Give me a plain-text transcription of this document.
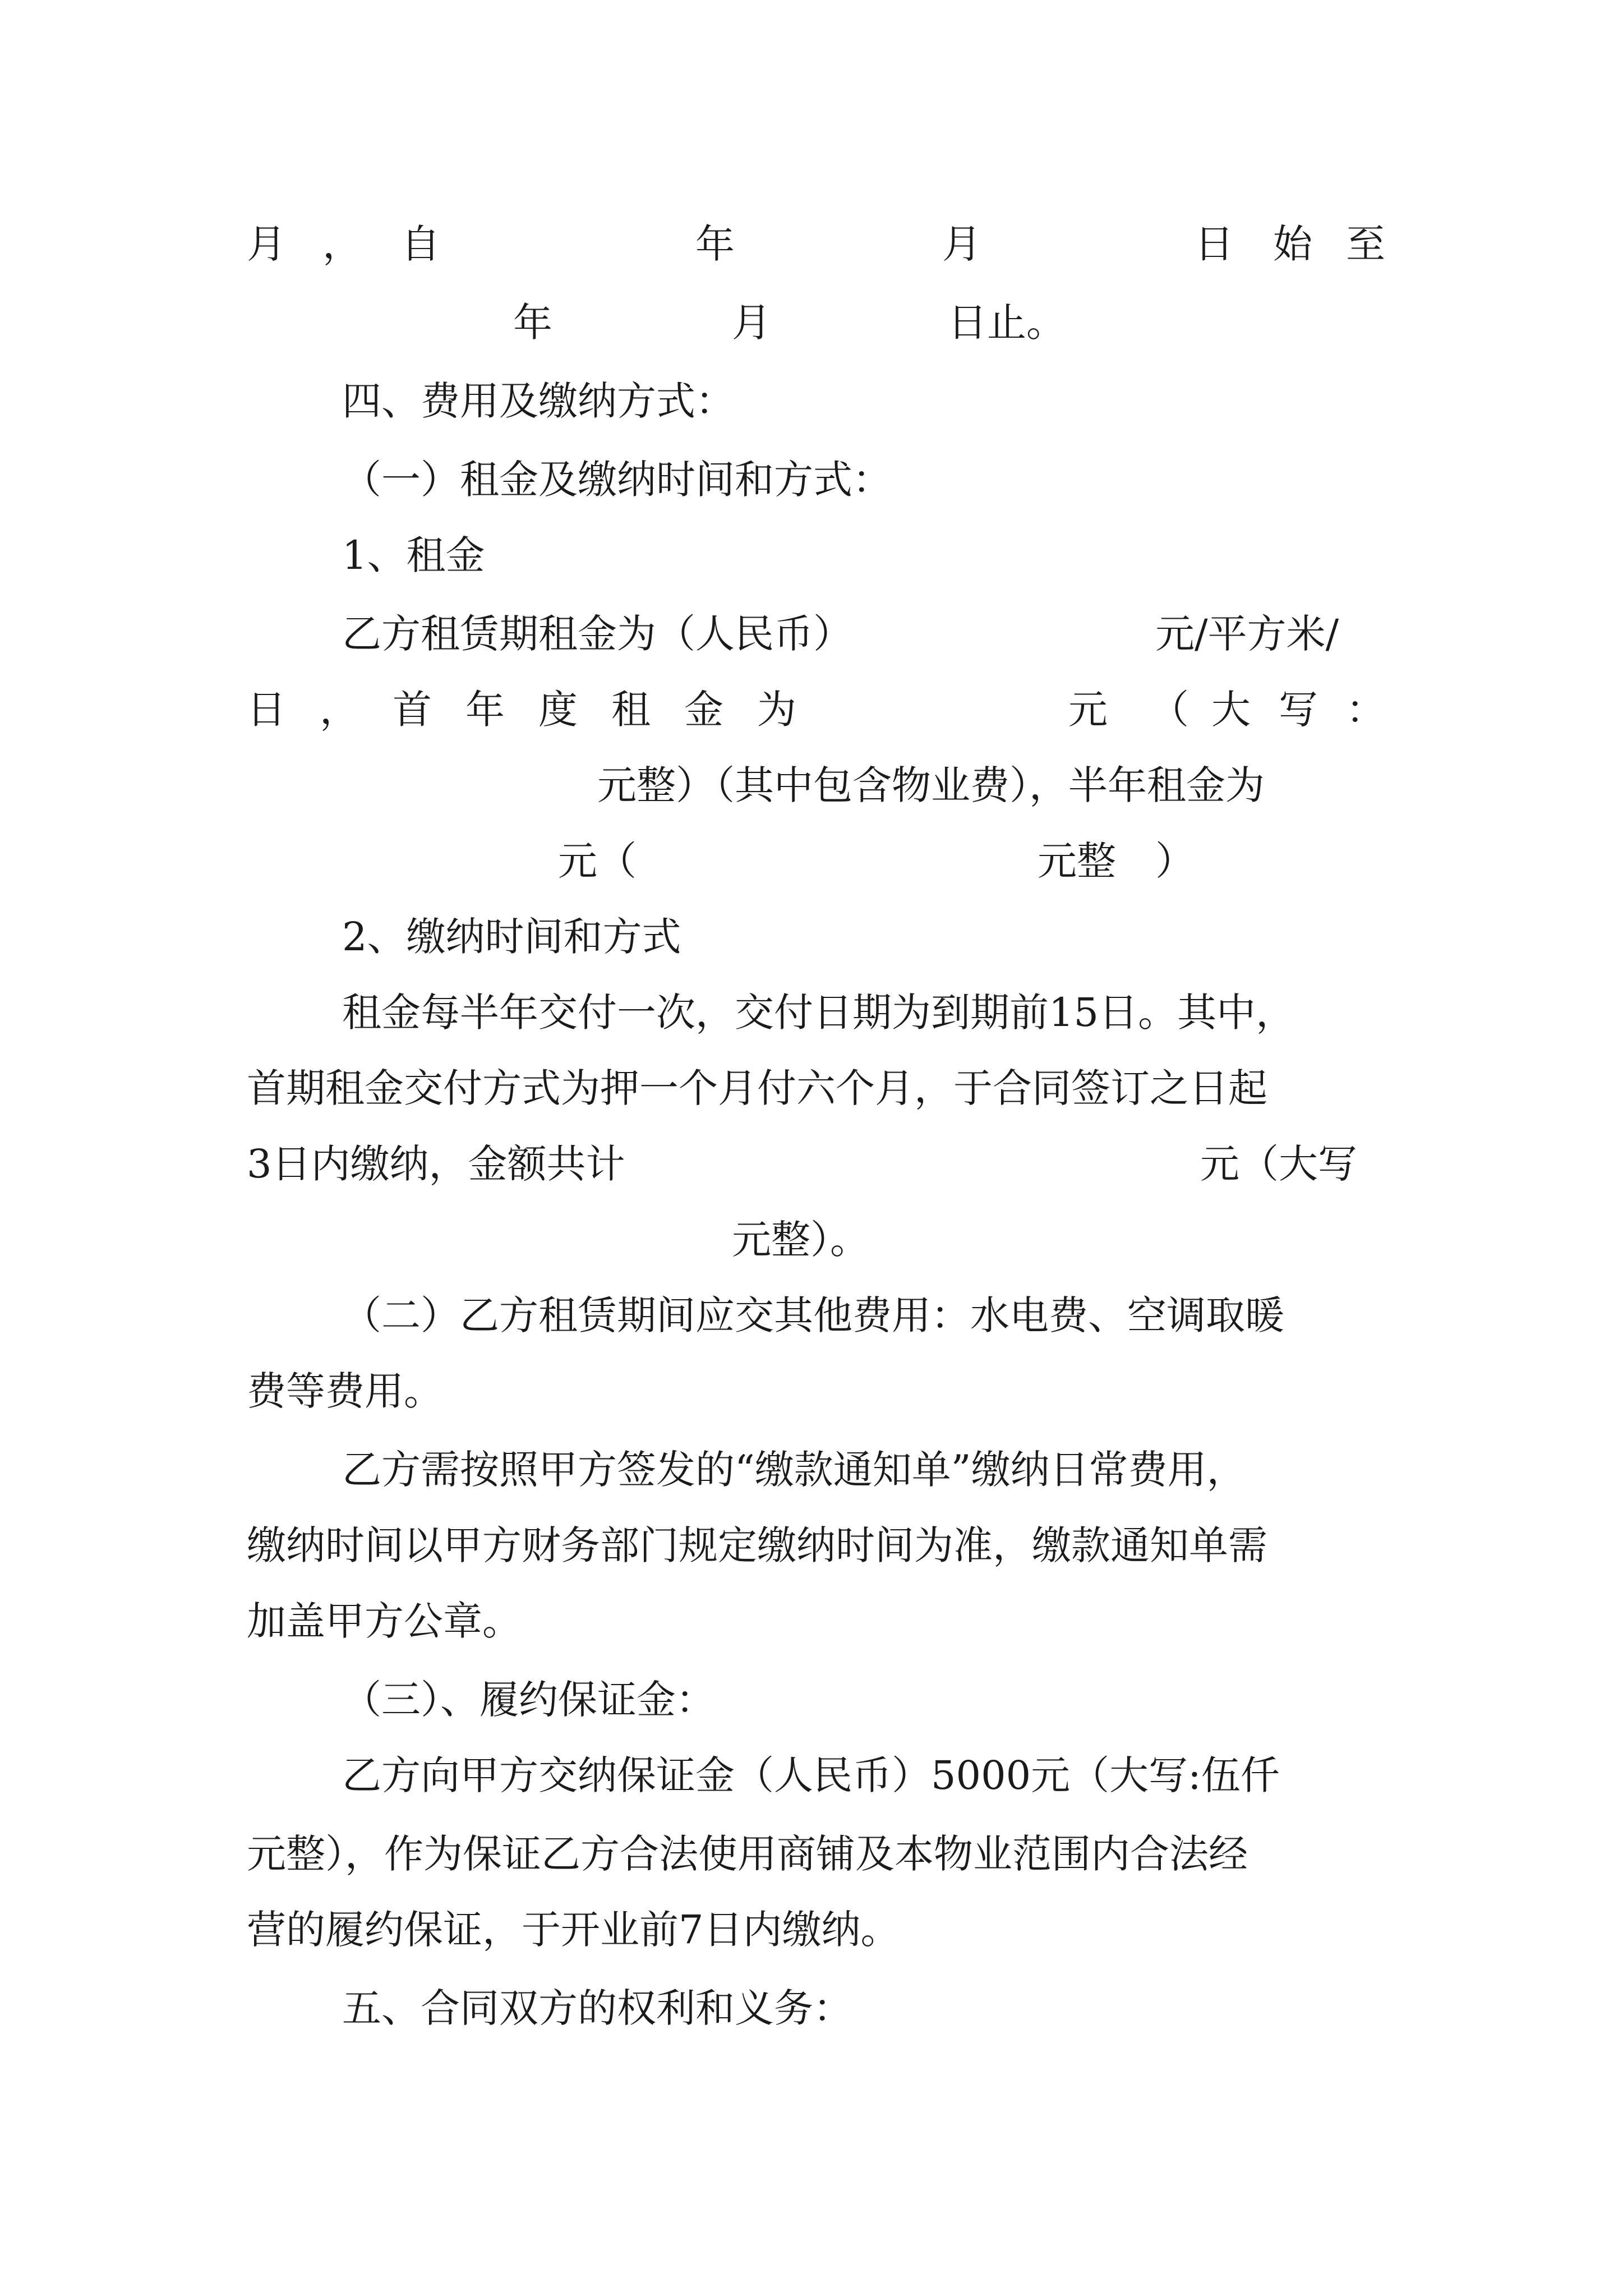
月 ， 自	年	月	日 始 至
年	月	日止。
四、费用及缴纳方式：
（一）租金及缴纳时间和方式：
1、租金
乙方租赁期租金为（人民币）	元/平方米/
日 ， 首 年 度 租 金 为	元 （ 大 写 ：
元整）（其中包含物业费），半年租金为
元（	元整　）
2、缴纳时间和方式
租金每半年交付一次，交付日期为到期前15日。其中，
首期租金交付方式为押一个月付六个月，于合同签订之日起
3日内缴纳，金额共计	元（大写
元整）。
（二）乙方租赁期间应交其他费用：水电费、空调取暖
费等费用。
乙方需按照甲方签发的“缴款通知单”缴纳日常费用，
缴纳时间以甲方财务部门规定缴纳时间为准，缴款通知单需
加盖甲方公章。
（三）、履约保证金：
乙方向甲方交纳保证金（人民币）5000元（大写:伍仟
元整），作为保证乙方合法使用商铺及本物业范围内合法经
营的履约保证，于开业前7日内缴纳。
五、合同双方的权利和义务：
